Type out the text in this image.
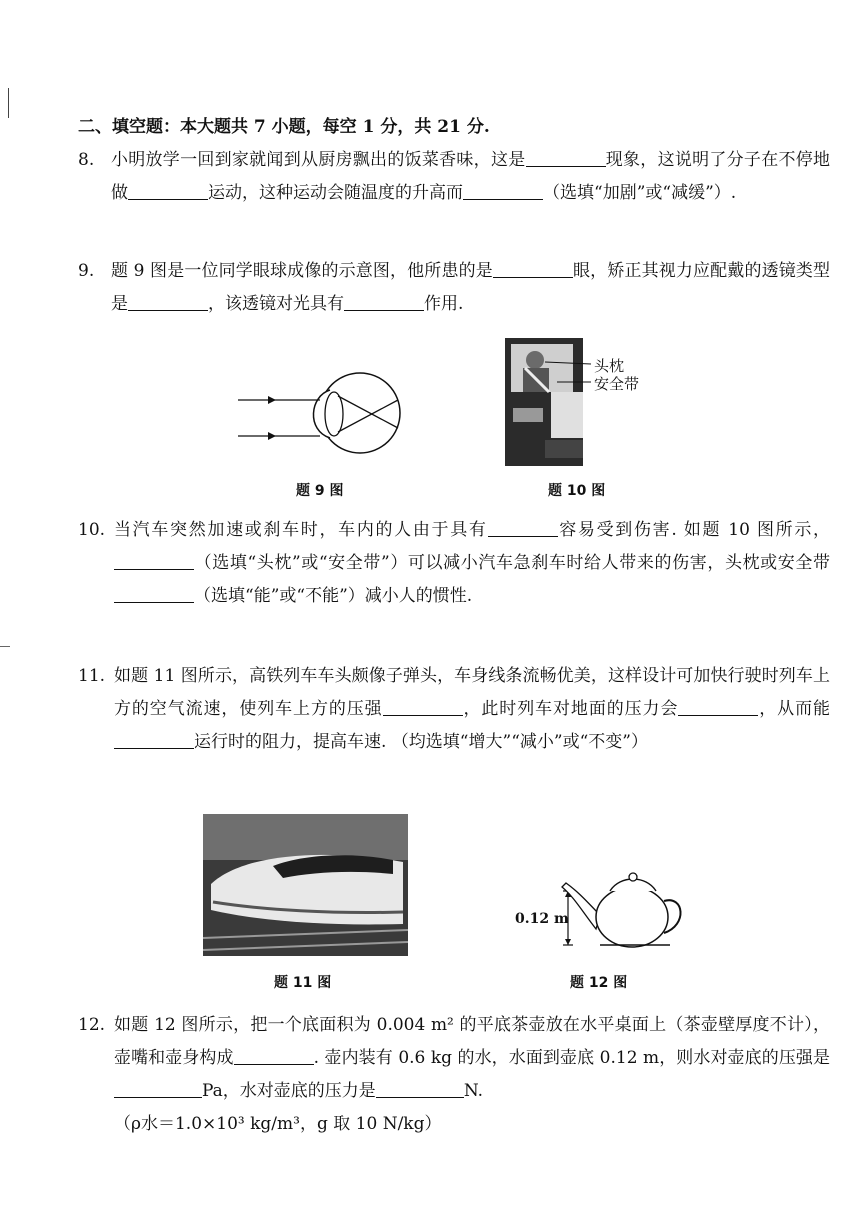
二、填空题：本大题共 7 小题，每空 1 分，共 21 分.
8. 小明放学一回到家就闻到从厨房飘出的饭菜香味，这是	现象，这说明了分子在不停地做	运动，这种运动会随温度的升高而	（选填“加剧”或“减缓”）.
9. 题 9 图是一位同学眼球成像的示意图，他所患的是	眼，矫正其视力应配戴的透镜类型是	，该透镜对光具有	作用.
题 9 图
头枕
安全带
题 10 图
10. 当汽车突然加速或刹车时，车内的人由于具有	容易受到伤害. 如题 10 图所示，（选填“头枕”或“安全带”）可以减小汽车急刹车时给人带来的伤害，头枕或安全带（选填“能”或“不能”）减小人的惯性.
11. 如题 11 图所示，高铁列车车头颇像子弹头，车身线条流畅优美，这样设计可加快行驶时列车上方的空气流速，使列车上方的压强	，此时列车对地面的压力会	，从而能运行时的阻力，提高车速. （均选填“增大”“减小”或“不变”）
题 11 图
0.12 m
题 12 图
12. 如题 12 图所示，把一个底面积为 0.004 m² 的平底茶壶放在水平桌面上（茶壶壁厚度不计），壶嘴和壶身构成	. 壶内装有 0.6 kg 的水，水面到壶底 0.12 m，则水对壶底的压强是Pa，水对壶底的压力是	N.
（ρ水＝1.0×10³ kg/m³，g 取 10 N/kg）
